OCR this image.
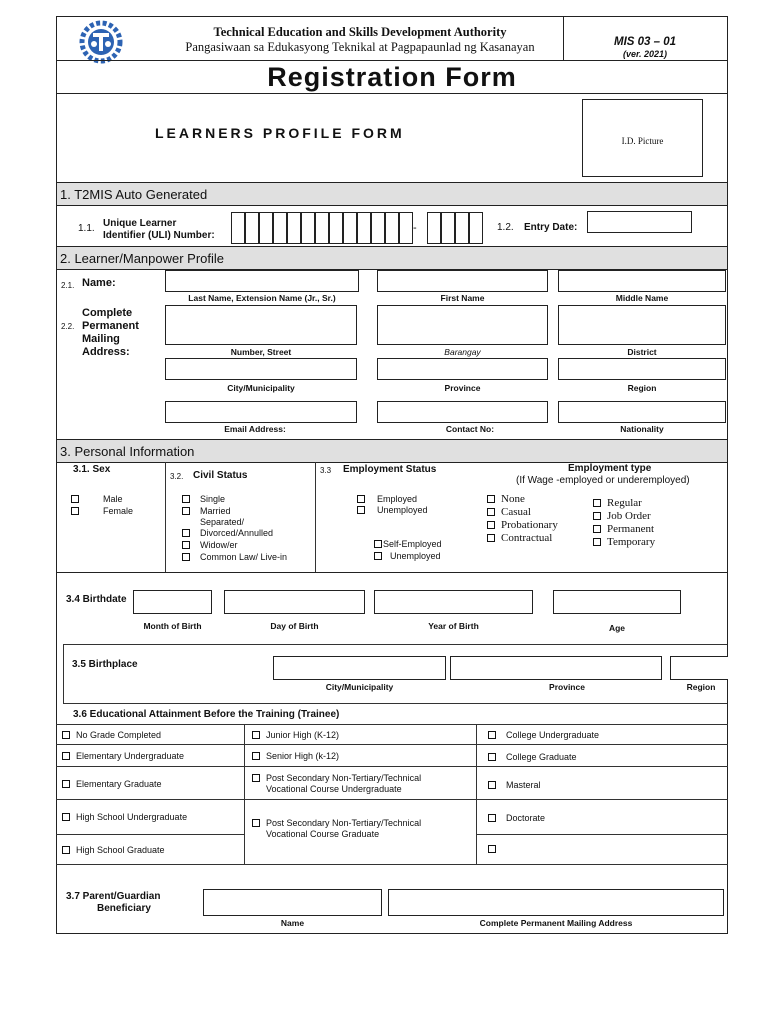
Technical Education and Skills Development Authority
Pangasiwaan sa Edukasyong Teknikal at Pagpapaunlad ng Kasanayan	MIS 03 – 01
(ver. 2021)
Registration Form
LEARNERS PROFILE FORM	I.D. Picture
1. T2MIS Auto Generated
1.1. Unique Learner
Identifier (ULI) Number:
-	1.2. Entry Date:
2. Learner/Manpower Profile
2.1. Name:
Last Name, Extension Name (Jr., Sr.)	First Name	Middle Name
2.2.
Complete
Permanent
Mailing
Address:	Number, Street	Barangay	District
City/Municipality	Province	Region
Email Address:	Contact No:	Nationality
3. Personal Information
3.1. Sex
Male
Female
3.2. Civil Status
Single
Married
Separated/ Divorced/Annulled
Widow/er
Common Law/ Live-in
3.3 Employment Status
Employed
Unemployed
Self-Employed
Unemployed
Employment type
(If Wage -employed or underemployed)
None
Casual
Probationary
Contractual
Regular
Job Order
Permanent
Temporary
3.4 Birthdate
Month of Birth	Day of Birth	Year of Birth	Age
3.5 Birthplace
City/Municipality	Province	Region
3.6 Educational Attainment Before the Training (Trainee)
No Grade Completed
Elementary Undergraduate
Elementary Graduate
High School Undergraduate
High School Graduate
Junior High (K-12)
Senior High (k-12)
Post Secondary Non-Tertiary/Technical Vocational Course Undergraduate
Post Secondary Non-Tertiary/Technical Vocational Course Graduate
College Undergraduate
College Graduate
Masteral
Doctorate
3.7 Parent/Guardian
Beneficiary
Name	Complete Permanent Mailing Address
